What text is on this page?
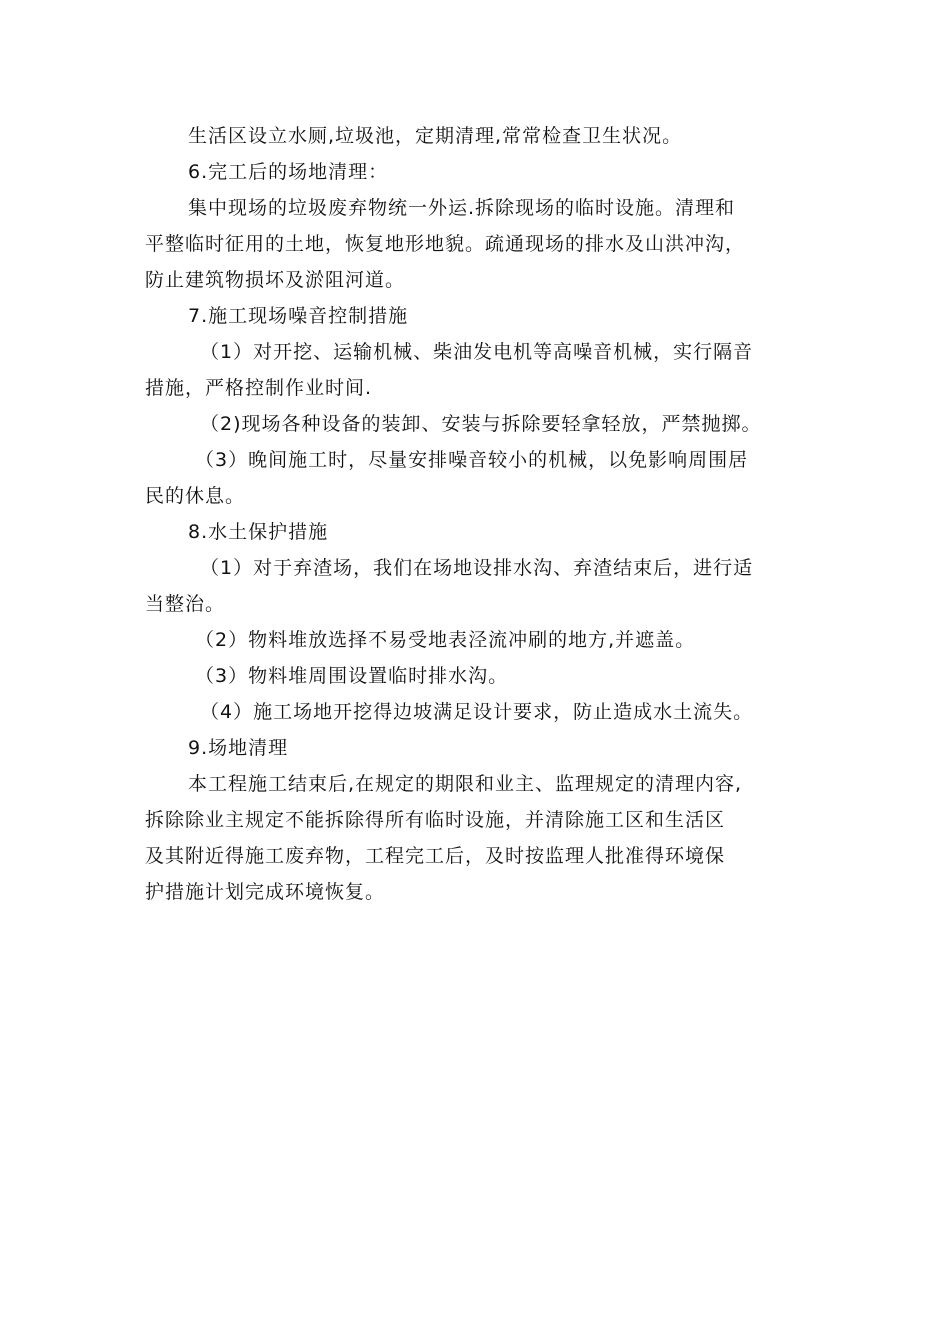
生活区设立水厕,垃圾池，定期清理,常常检查卫生状况。

6.完工后的场地清理：

集中现场的垃圾废弃物统一外运.拆除现场的临时设施。清理和

平整临时征用的土地，恢复地形地貌。疏通现场的排水及山洪冲沟，

防止建筑物损坏及淤阻河道。

7.施工现场噪音控制措施

（1）对开挖、运输机械、柴油发电机等高噪音机械，实行隔音

措施，严格控制作业时间.

（2)现场各种设备的装卸、安装与拆除要轻拿轻放，严禁抛掷。

（3）晚间施工时，尽量安排噪音较小的机械，以免影响周围居

民的休息。

8.水土保护措施

（1）对于弃渣场，我们在场地设排水沟、弃渣结束后，进行适

当整治。

（2）物料堆放选择不易受地表泾流冲刷的地方,并遮盖。

（3）物料堆周围设置临时排水沟。

（4）施工场地开挖得边坡满足设计要求，防止造成水土流失。

9.场地清理

本工程施工结束后,在规定的期限和业主、监理规定的清理内容,

拆除除业主规定不能拆除得所有临时设施，并清除施工区和生活区

及其附近得施工废弃物，工程完工后，及时按监理人批准得环境保

护措施计划完成环境恢复。
